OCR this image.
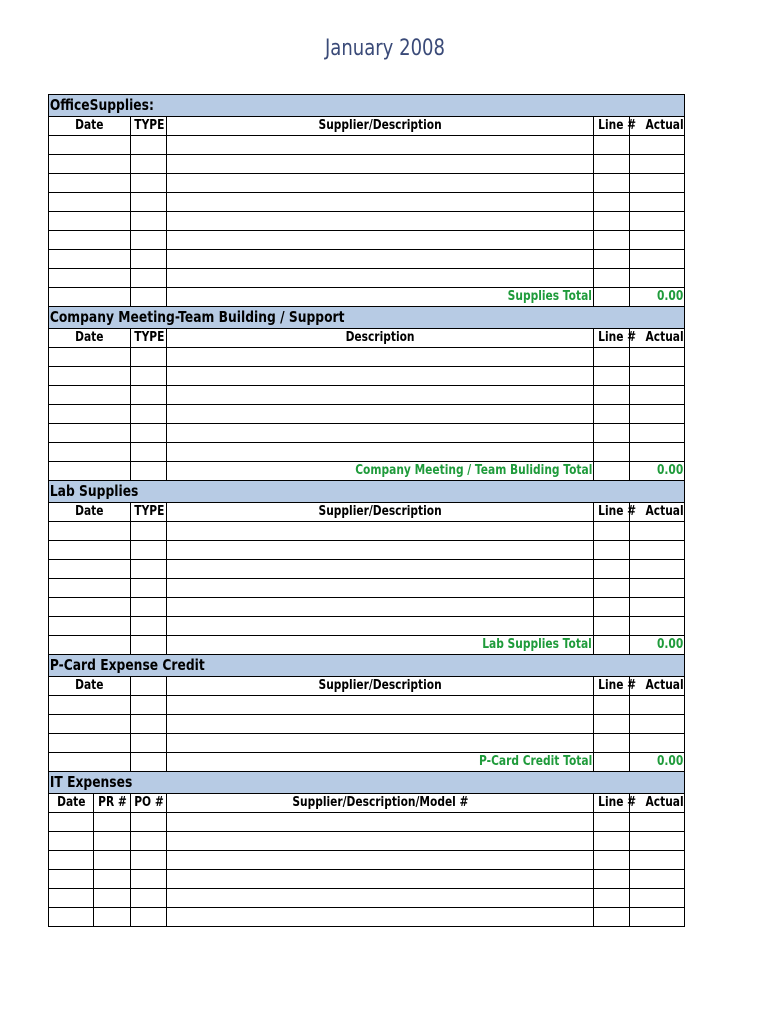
January 2008
OfficeSupplies:					
Date		TYPE	Supplier/Description	Line #	Actual

			Supplies Total		0.00
Company Meeting-Team Building / Support					
Date		TYPE	Description	Line #	Actual

			Company Meeting / Team Buliding Total		0.00
Lab Supplies					
Date		TYPE	Supplier/Description	Line #	Actual

			Lab Supplies Total		0.00
P-Card Expense Credit					
Date			Supplier/Description	Line #	Actual

			P-Card Credit Total		0.00
IT Expenses					
Date	PR #	PO #	Supplier/Description/Model #	Line #	Actual
